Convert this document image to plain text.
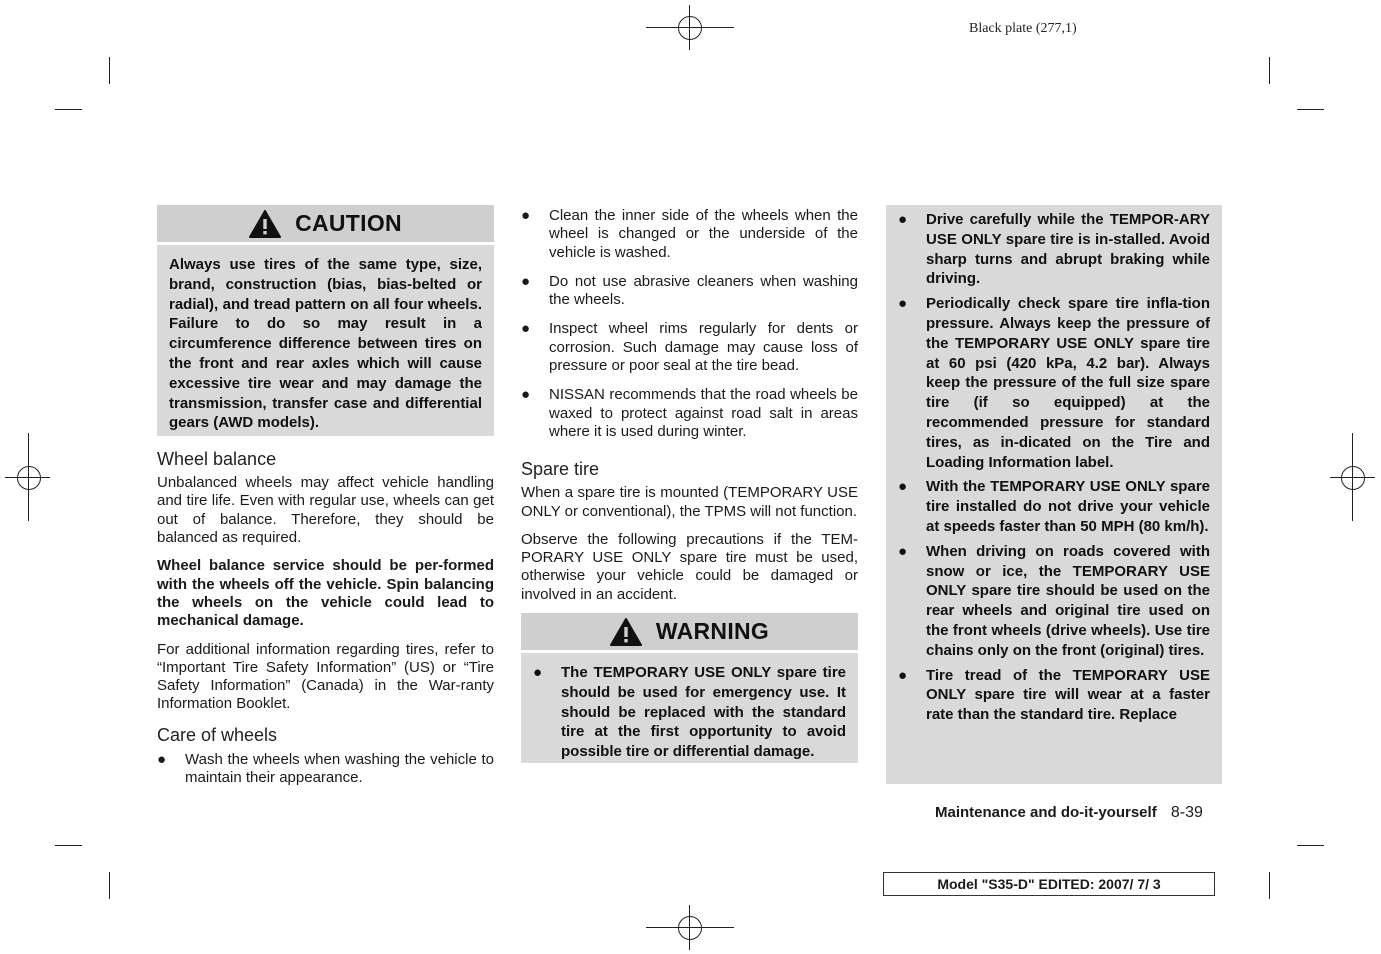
Black plate (277,1)
CAUTION

Always use tires of the same type, size, brand, construction (bias, bias-belted or radial), and tread pattern on all four wheels. Failure to do so may result in a circumference difference between tires on the front and rear axles which will cause excessive tire wear and may damage the transmission, transfer case and differential gears (AWD models).

Wheel balance

Unbalanced wheels may affect vehicle handling and tire life. Even with regular use, wheels can get out of balance. Therefore, they should be balanced as required.

Wheel balance service should be per-formed with the wheels off the vehicle. Spin balancing the wheels on the vehicle could lead to mechanical damage.

For additional information regarding tires, refer to “Important Tire Safety Information” (US) or “Tire Safety Information” (Canada) in the War-ranty Information Booklet.

Care of wheels

● Wash the wheels when washing the vehicle to maintain their appearance.
● Clean the inner side of the wheels when the wheel is changed or the underside of the vehicle is washed.
● Do not use abrasive cleaners when washing the wheels.
● Inspect wheel rims regularly for dents or corrosion. Such damage may cause loss of pressure or poor seal at the tire bead.
● NISSAN recommends that the road wheels be waxed to protect against road salt in areas where it is used during winter.

Spare tire

When a spare tire is mounted (TEMPORARY USE ONLY or conventional), the TPMS will not function.

Observe the following precautions if the TEM-PORARY USE ONLY spare tire must be used, otherwise your vehicle could be damaged or involved in an accident.

WARNING
● The TEMPORARY USE ONLY spare tire should be used for emergency use. It should be replaced with the standard tire at the first opportunity to avoid possible tire or differential damage.
● Drive carefully while the TEMPOR-ARY USE ONLY spare tire is in-stalled. Avoid sharp turns and abrupt braking while driving.
● Periodically check spare tire infla-tion pressure. Always keep the pressure of the TEMPORARY USE ONLY spare tire at 60 psi (420 kPa, 4.2 bar). Always keep the pressure of the full size spare tire (if so equipped) at the recommended pressure for standard tires, as in-dicated on the Tire and Loading Information label.
● With the TEMPORARY USE ONLY spare tire installed do not drive your vehicle at speeds faster than 50 MPH (80 km/h).
● When driving on roads covered with snow or ice, the TEMPORARY USE ONLY spare tire should be used on the rear wheels and original tire used on the front wheels (drive wheels). Use tire chains only on the front (original) tires.
● Tire tread of the TEMPORARY USE ONLY spare tire will wear at a faster rate than the standard tire. Replace
Maintenance and do-it-yourself 8-39
Model "S35-D" EDITED: 2007/ 7/ 3
